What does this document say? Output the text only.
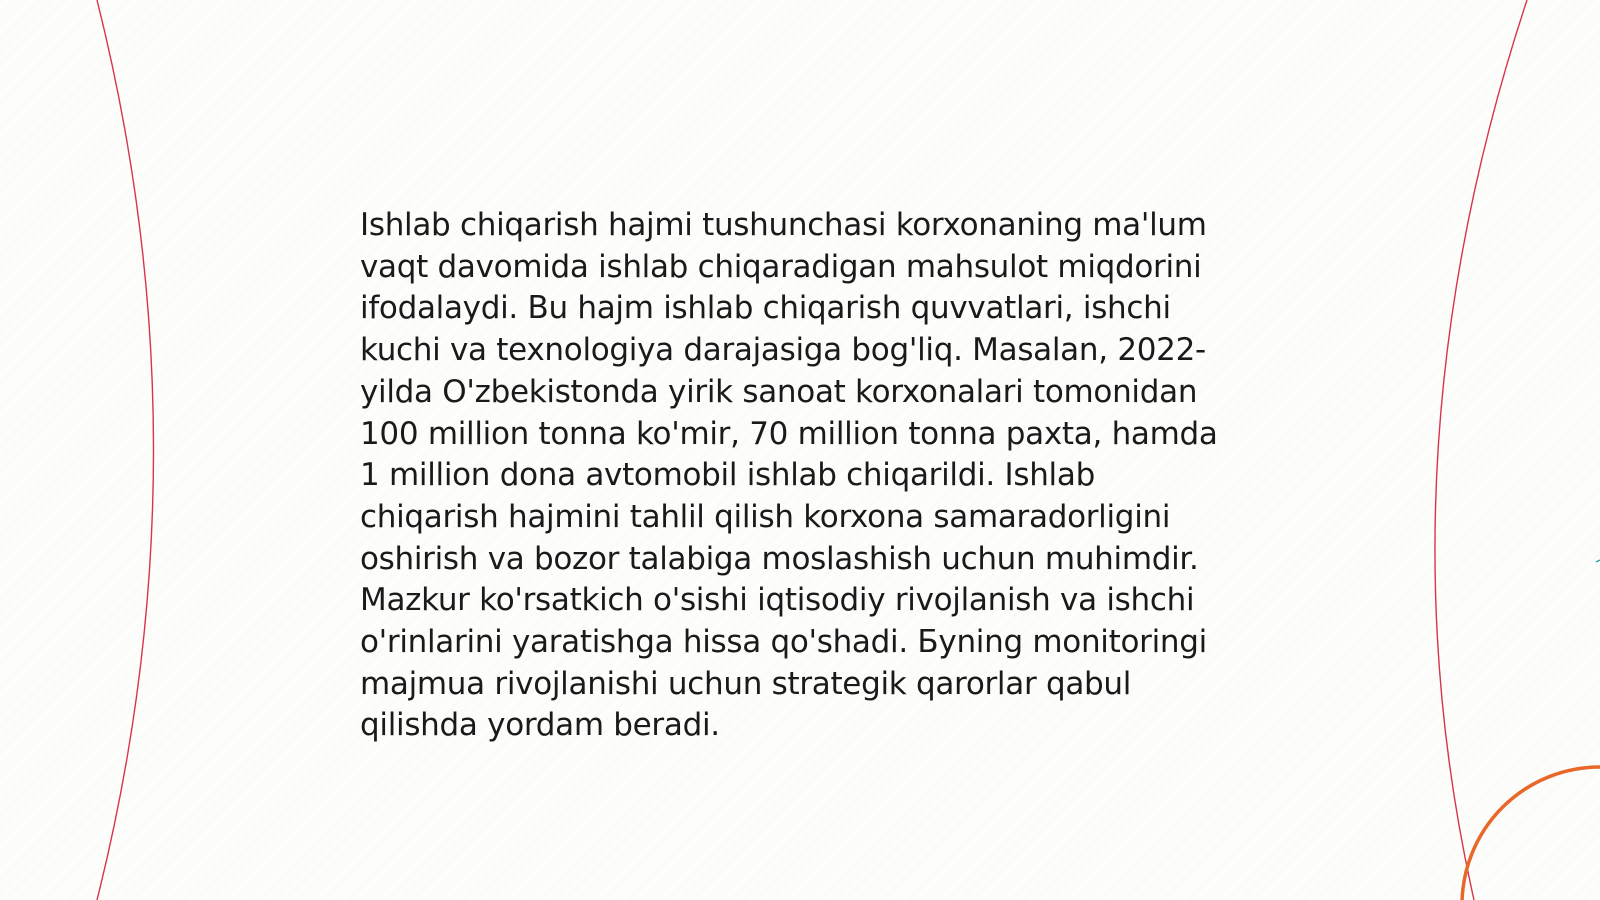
Ishlab chiqarish hajmi tushunchasi korxonaning ma'lum vaqt davomida ishlab chiqaradigan mahsulot miqdorini ifodalaydi. Bu hajm ishlab chiqarish quvvatlari, ishchi kuchi va texnologiya darajasiga bog'liq. Masalan, 2022-yilda O'zbekistonda yirik sanoat korxonalari tomonidan 100 million tonna ko'mir, 70 million tonna paxta, hamda 1 million dona avtomobil ishlab chiqarildi. Ishlab chiqarish hajmini tahlil qilish korxona samaradorligini oshirish va bozor talabiga moslashish uchun muhimdir. Mazkur ko'rsatkich o'sishi iqtisodiy rivojlanish va ishchi o'rinlarini yaratishga hissa qo'shadi. Буning monitoringi majmua rivojlanishi uchun strategik qarorlar qabul qilishda yordam beradi.
